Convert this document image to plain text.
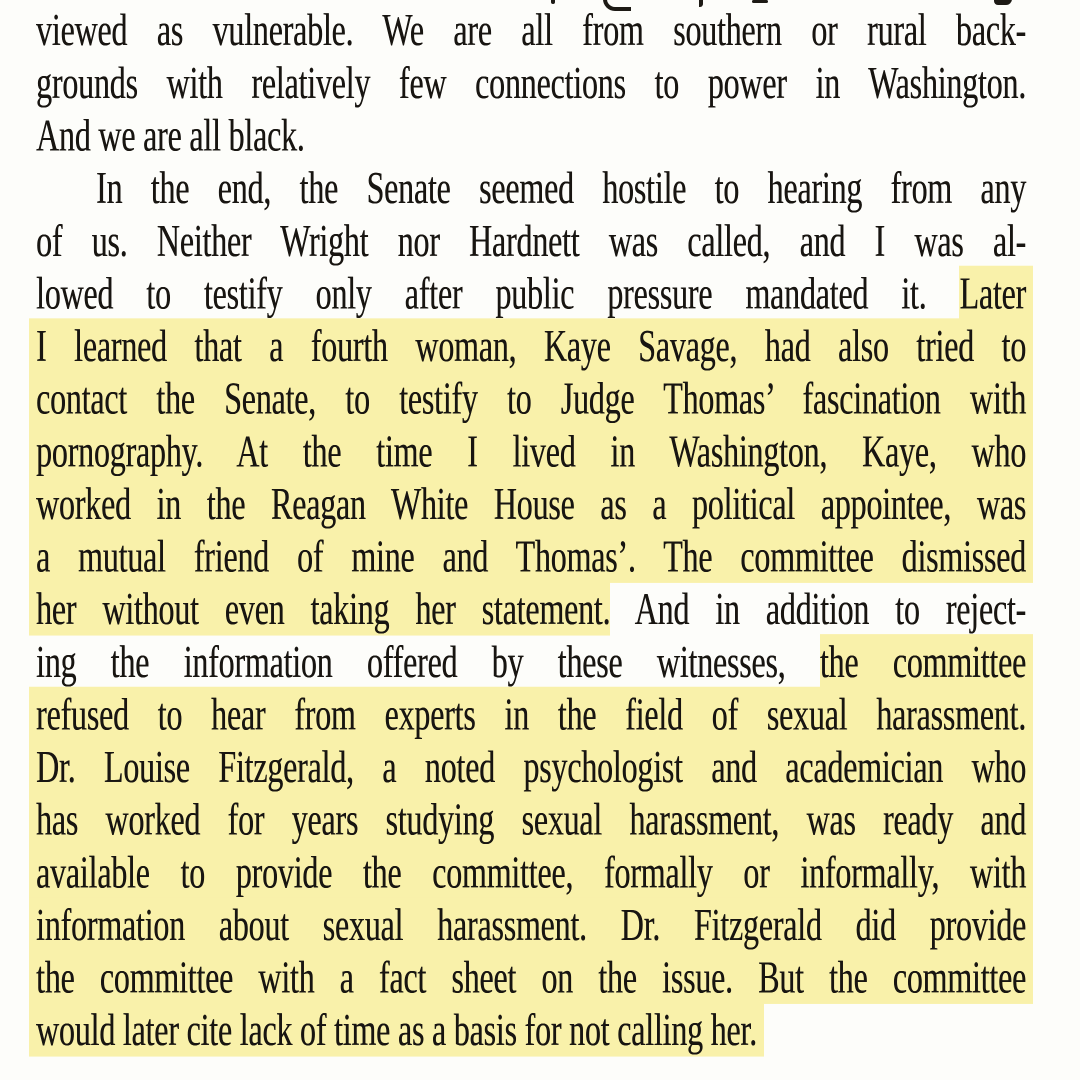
viewed as vulnerable. We are all from southern or rural back-
grounds with relatively few connections to power in Washington.
And we are all black.
In the end, the Senate seemed hostile to hearing from any
of us. Neither Wright nor Hardnett was called, and I was al-
lowed to testify only after public pressure mandated it. Later
I learned that a fourth woman, Kaye Savage, had also tried to
contact the Senate, to testify to Judge Thomas’ fascination with
pornography. At the time I lived in Washington, Kaye, who
worked in the Reagan White House as a political appointee, was
a mutual friend of mine and Thomas’. The committee dismissed
her without even taking her statement. And in addition to reject-
ing the information offered by these witnesses, the committee
refused to hear from experts in the field of sexual harassment.
Dr. Louise Fitzgerald, a noted psychologist and academician who
has worked for years studying sexual harassment, was ready and
available to provide the committee, formally or informally, with
information about sexual harassment. Dr. Fitzgerald did provide
the committee with a fact sheet on the issue. But the committee
would later cite lack of time as a basis for not calling her.
